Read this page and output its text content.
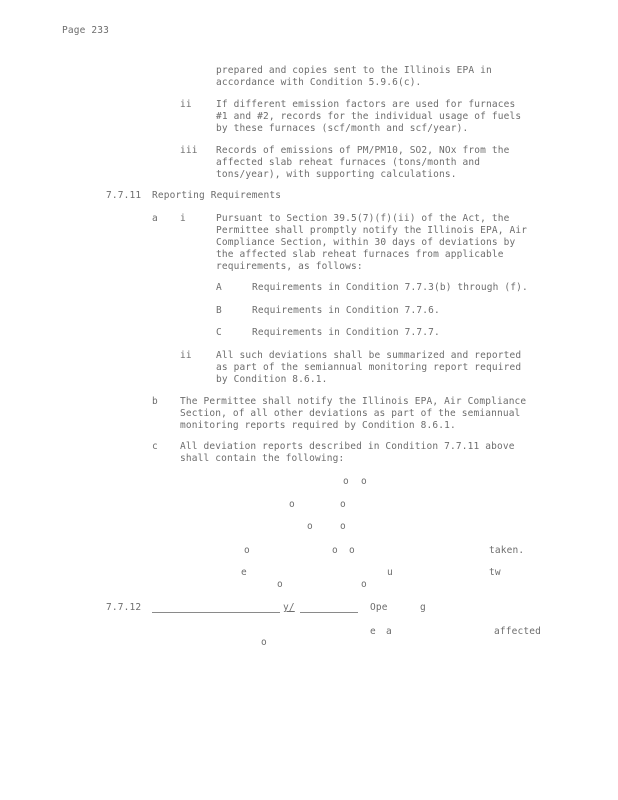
Page 233
prepared and copies sent to the Illinois EPA in
accordance with Condition 5.9.6(c).
ii	If different emission factors are used for furnaces
#1 and #2, records for the individual usage of fuels
by these furnaces (scf/month and scf/year).
iii Records of emissions of PM/PM10, SO2, NOx from the
affected slab reheat furnaces (tons/month and
tons/year), with supporting calculations.
7.7.11 Reporting Requirements
a i	Pursuant to Section 39.5(7)(f)(ii) of the Act, the
Permittee shall promptly notify the Illinois EPA, Air
Compliance Section, within 30 days of deviations by
the affected slab reheat furnaces from applicable
requirements, as follows:
A	Requirements in Condition 7.7.3(b) through (f).
B	Requirements in Condition 7.7.6.
C	Requirements in Condition 7.7.7.
ii	All such deviations shall be summarized and reported
as part of the semiannual monitoring report required
by Condition 8.6.1.
b The Permittee shall notify the Illinois EPA, Air Compliance
Section, of all other deviations as part of the semiannual
monitoring reports required by Condition 8.6.1.
c All deviation reports described in Condition 7.7.11 above
shall contain the following:
o o
o	o
o	o
o	o o	taken.
e	u	tw
o	o
7.7.12	y/	Ope	g
e a	affected
o
